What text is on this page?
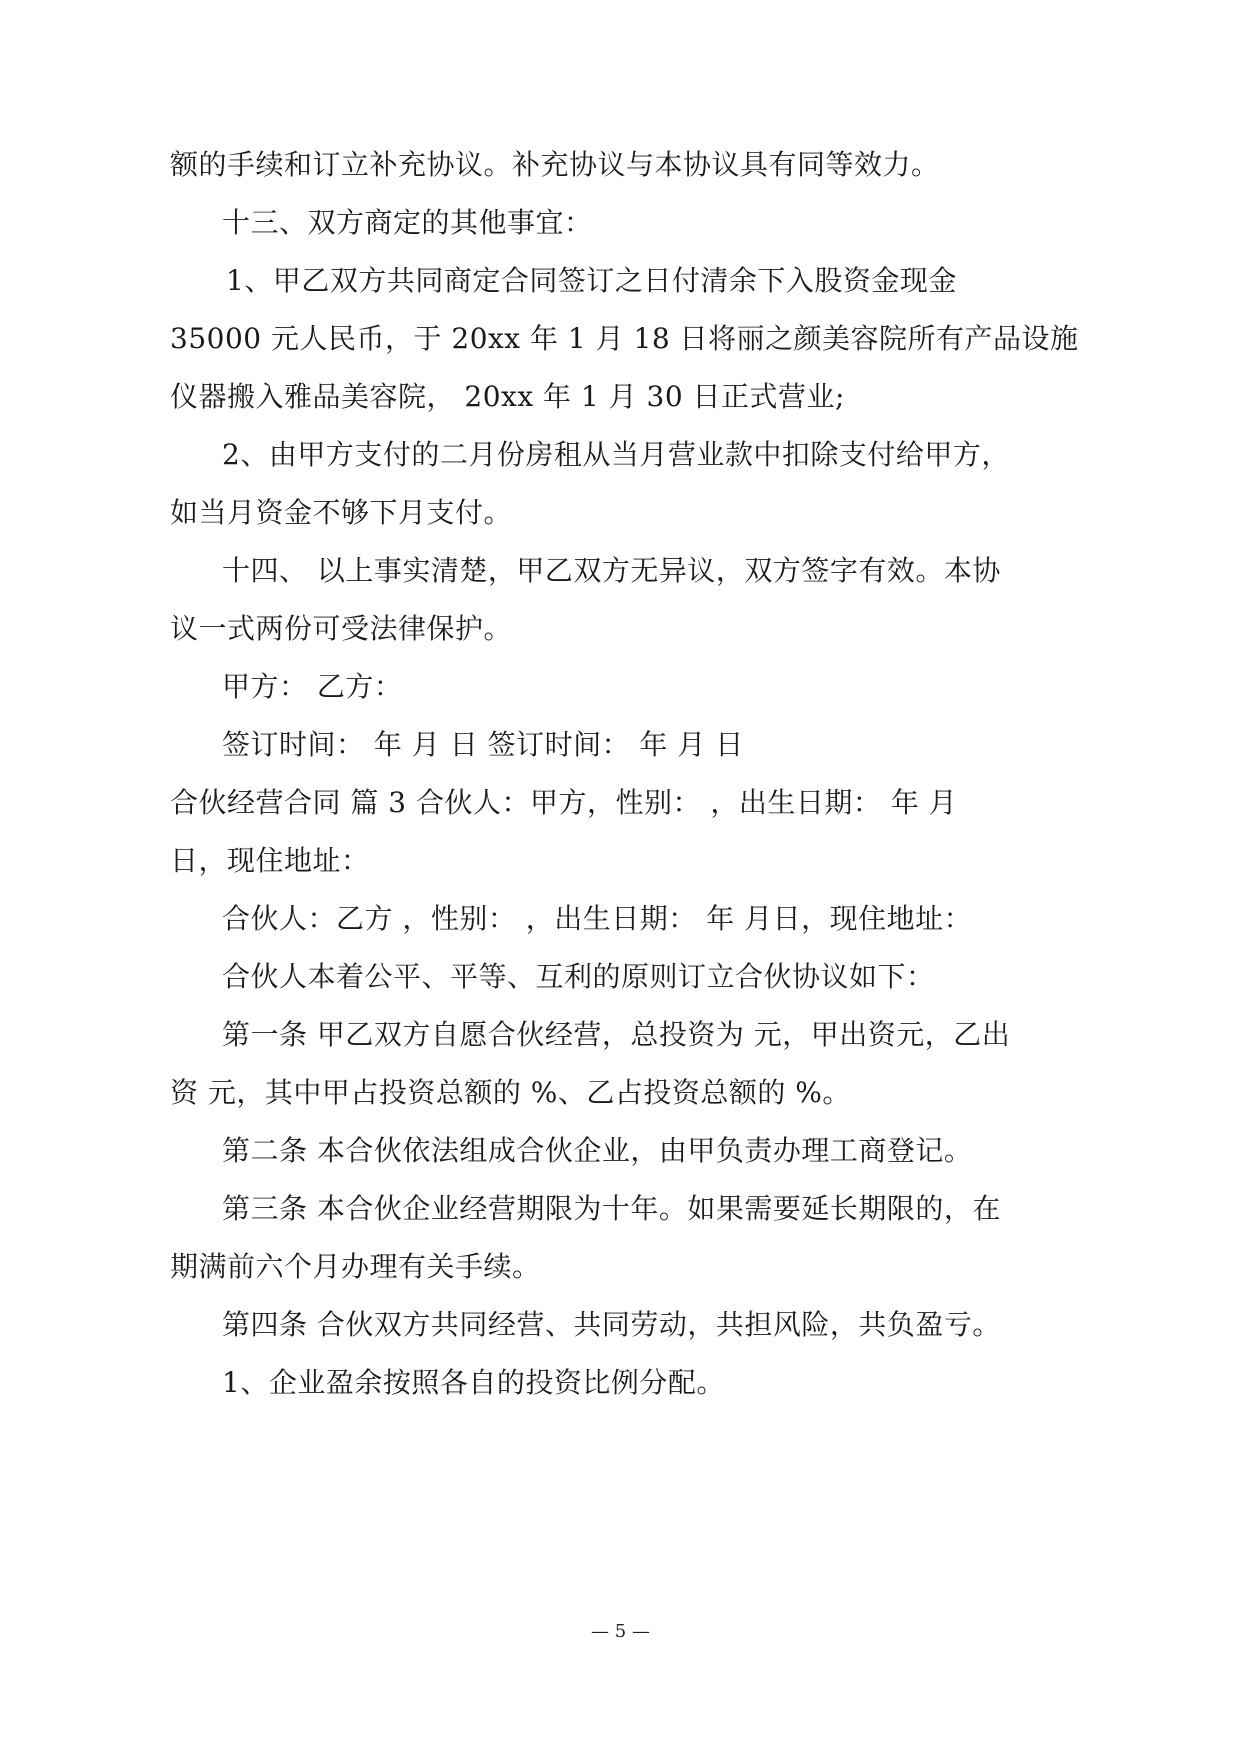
额的手续和订立补充协议。补充协议与本协议具有同等效力。
十三、双方商定的其他事宜：
1、甲乙双方共同商定合同签订之日付清余下入股资金现金
35000 元人民币，于 20xx 年 1 月 18 日将丽之颜美容院所有产品设施
仪器搬入雅品美容院， 20xx 年 1 月 30 日正式营业;
2、由甲方支付的二月份房租从当月营业款中扣除支付给甲方，
如当月资金不够下月支付。
十四、 以上事实清楚，甲乙双方无异议，双方签字有效。本协
议一式两份可受法律保护。
甲方： 乙方：
签订时间： 年 月 日 签订时间： 年 月 日
合伙经营合同 篇 3 合伙人：甲方，性别： ，出生日期： 年 月
日，现住地址：
合伙人：乙方 ，性别： ，出生日期： 年 月日，现住地址：
合伙人本着公平、平等、互利的原则订立合伙协议如下：
第一条 甲乙双方自愿合伙经营，总投资为 元，甲出资元，乙出
资 元，其中甲占投资总额的 %、乙占投资总额的 %。
第二条 本合伙依法组成合伙企业，由甲负责办理工商登记。
第三条 本合伙企业经营期限为十年。如果需要延长期限的，在
期满前六个月办理有关手续。
第四条 合伙双方共同经营、共同劳动，共担风险，共负盈亏。
1、企业盈余按照各自的投资比例分配。
— 5 —
